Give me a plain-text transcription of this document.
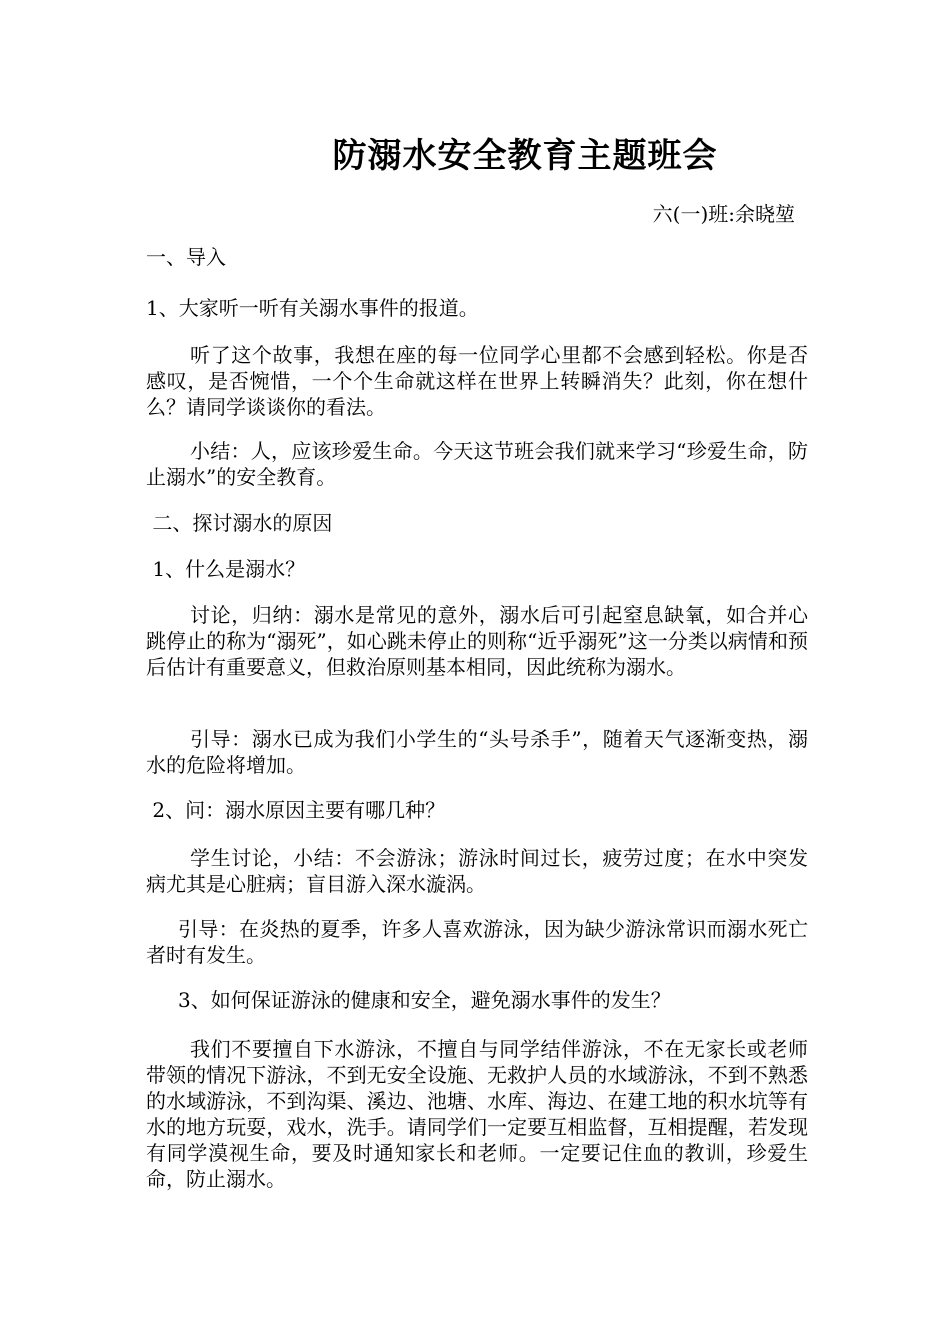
防溺水安全教育主题班会
六(一)班:余晓堃
一、导入
1、大家听一听有关溺水事件的报道。
听了这个故事，我想在座的每一位同学心里都不会感到轻松。你是否感叹，是否惋惜，一个个生命就这样在世界上转瞬消失？此刻，你在想什么？请同学谈谈你的看法。
小结：人，应该珍爱生命。今天这节班会我们就来学习“珍爱生命，防止溺水”的安全教育。
二、探讨溺水的原因
1、什么是溺水？
讨论，归纳：溺水是常见的意外，溺水后可引起窒息缺氧，如合并心跳停止的称为“溺死”，如心跳未停止的则称“近乎溺死”这一分类以病情和预后估计有重要意义，但救治原则基本相同，因此统称为溺水。
引导：溺水已成为我们小学生的“头号杀手”，随着天气逐渐变热，溺水的危险将增加。
2、问：溺水原因主要有哪几种？
学生讨论，小结：不会游泳；游泳时间过长，疲劳过度；在水中突发病尤其是心脏病；盲目游入深水漩涡。
引导：在炎热的夏季，许多人喜欢游泳，因为缺少游泳常识而溺水死亡者时有发生。
3、如何保证游泳的健康和安全，避免溺水事件的发生？
我们不要擅自下水游泳，不擅自与同学结伴游泳，不在无家长或老师带领的情况下游泳，不到无安全设施、无救护人员的水域游泳，不到不熟悉的水域游泳，不到沟渠、溪边、池塘、水库、海边、在建工地的积水坑等有水的地方玩耍，戏水，洗手。请同学们一定要互相监督，互相提醒，若发现有同学漠视生命，要及时通知家长和老师。一定要记住血的教训，珍爱生命，防止溺水。
